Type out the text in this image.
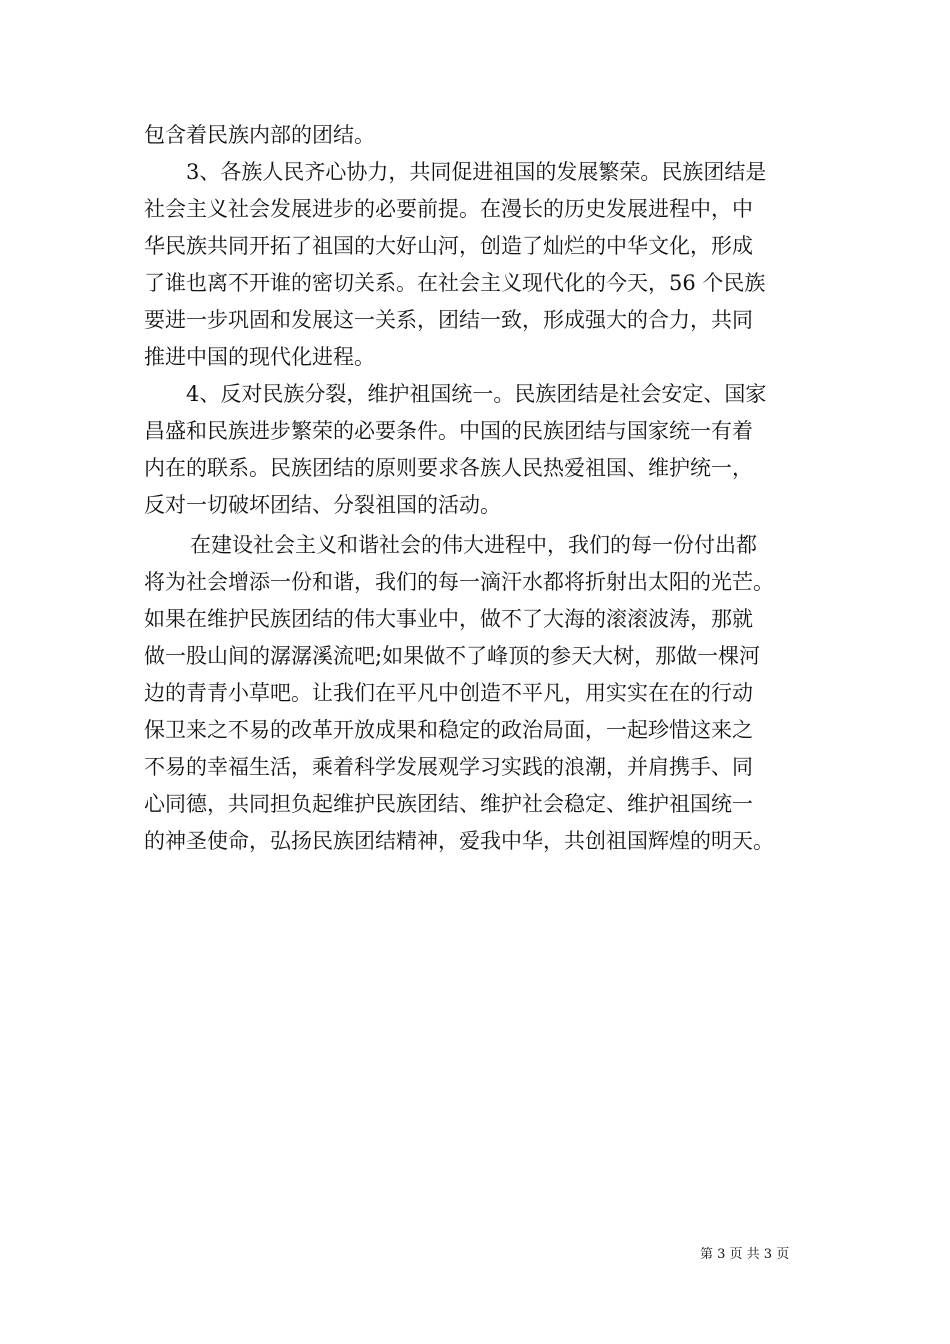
包含着民族内部的团结。
3、各族人民齐心协力，共同促进祖国的发展繁荣。民族团结是
社会主义社会发展进步的必要前提。在漫长的历史发展进程中，中
华民族共同开拓了祖国的大好山河，创造了灿烂的中华文化，形成
了谁也离不开谁的密切关系。在社会主义现代化的今天，56 个民族
要进一步巩固和发展这一关系，团结一致，形成强大的合力，共同
推进中国的现代化进程。
4、反对民族分裂，维护祖国统一。民族团结是社会安定、国家
昌盛和民族进步繁荣的必要条件。中国的民族团结与国家统一有着
内在的联系。民族团结的原则要求各族人民热爱祖国、维护统一，
反对一切破坏团结、分裂祖国的活动。
在建设社会主义和谐社会的伟大进程中，我们的每一份付出都
将为社会增添一份和谐，我们的每一滴汗水都将折射出太阳的光芒。
如果在维护民族团结的伟大事业中，做不了大海的滚滚波涛，那就
做一股山间的潺潺溪流吧;如果做不了峰顶的参天大树，那做一棵河
边的青青小草吧。让我们在平凡中创造不平凡，用实实在在的行动
保卫来之不易的改革开放成果和稳定的政治局面，一起珍惜这来之
不易的幸福生活，乘着科学发展观学习实践的浪潮，并肩携手、同
心同德，共同担负起维护民族团结、维护社会稳定、维护祖国统一
的神圣使命，弘扬民族团结精神，爱我中华，共创祖国辉煌的明天。
第 3 页 共 3 页
